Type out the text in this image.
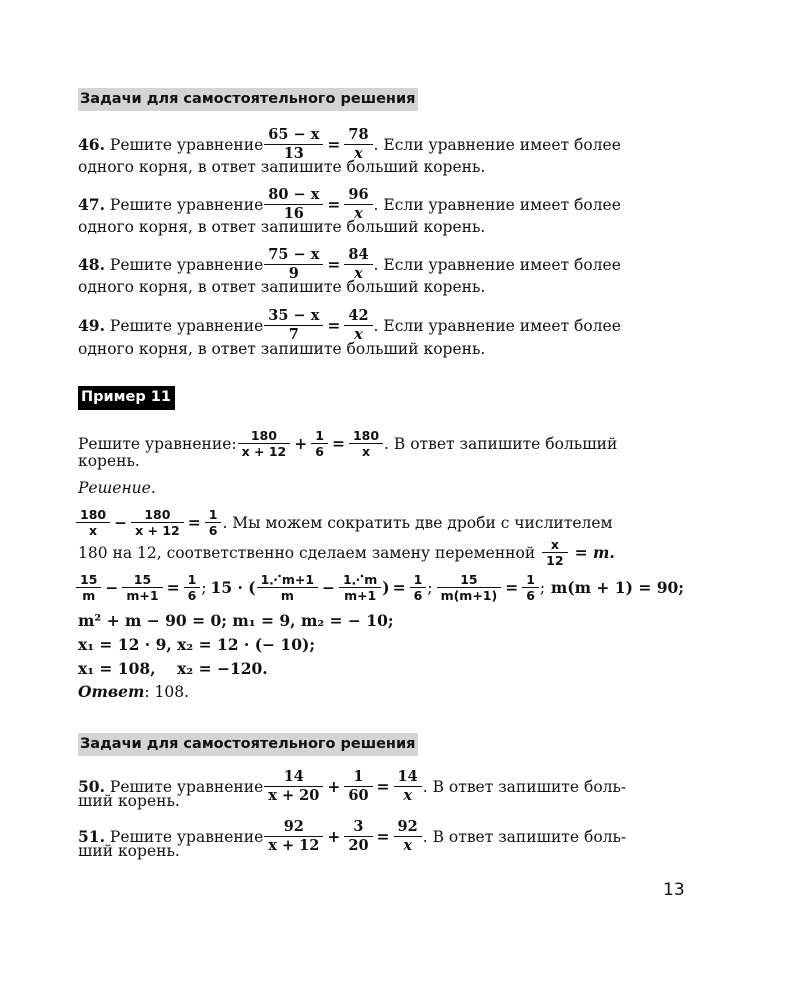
Задачи для самостоятельного решения
46.
Решите уравнение $\frac{65 - x}{13} = \frac{78}{x}$ . Если уравнение имеет более
одного корня, в ответ запишите больший корень.
47.
Решите уравнение $\frac{80 - x}{16} = \frac{96}{x}$ . Если уравнение имеет более
одного корня, в ответ запишите больший корень.
48.
Решите уравнение $\frac{75 - x}{9} = \frac{84}{x}$ . Если уравнение имеет более
одного корня, в ответ запишите больший корень.
49.
Решите уравнение $\frac{35 - x}{7} = \frac{42}{x}$ . Если уравнение имеет более
одного корня, в ответ запишите больший корень.
Пример 11
Решите уравнение: $\frac{180}{x + 12} + \frac{1}{6} = \frac{180}{x}$ . В ответ запишите больший
корень.
Решение.
$\frac{180}{x} - \frac{180}{x + 12} = \frac{1}{6}$ . Мы можем сократить две дроби с числителем
180 на 12, соответственно сделаем замену переменной $\frac{x}{12} = m$.
$\frac{15}{m} - \frac{15}{m+1} = \frac{1}{6}$ ; 15 · ( $\frac{1⋰m+1}{m} - \frac{1⋰m}{m+1}$ ) = $\frac{1}{6}$ ; $\frac{15}{m(m+1)} = \frac{1}{6}$ ; m(m + 1) = 90;
m² + m − 90 = 0; m₁ = 9, m₂ = − 10;
x₁ = 12 · 9, x₂ = 12 · (− 10);
x₁ = 108,    x₂ = −120.
Ответ: 108.
Задачи для самостоятельного решения
50.
Решите уравнение $\frac{14}{x + 20} + \frac{1}{60} = \frac{14}{x}$ . В ответ запишите боль-
ший корень.
51.
Решите уравнение $\frac{92}{x + 12} + \frac{3}{20} = \frac{92}{x}$ . В ответ запишите боль-
ший корень.
13
